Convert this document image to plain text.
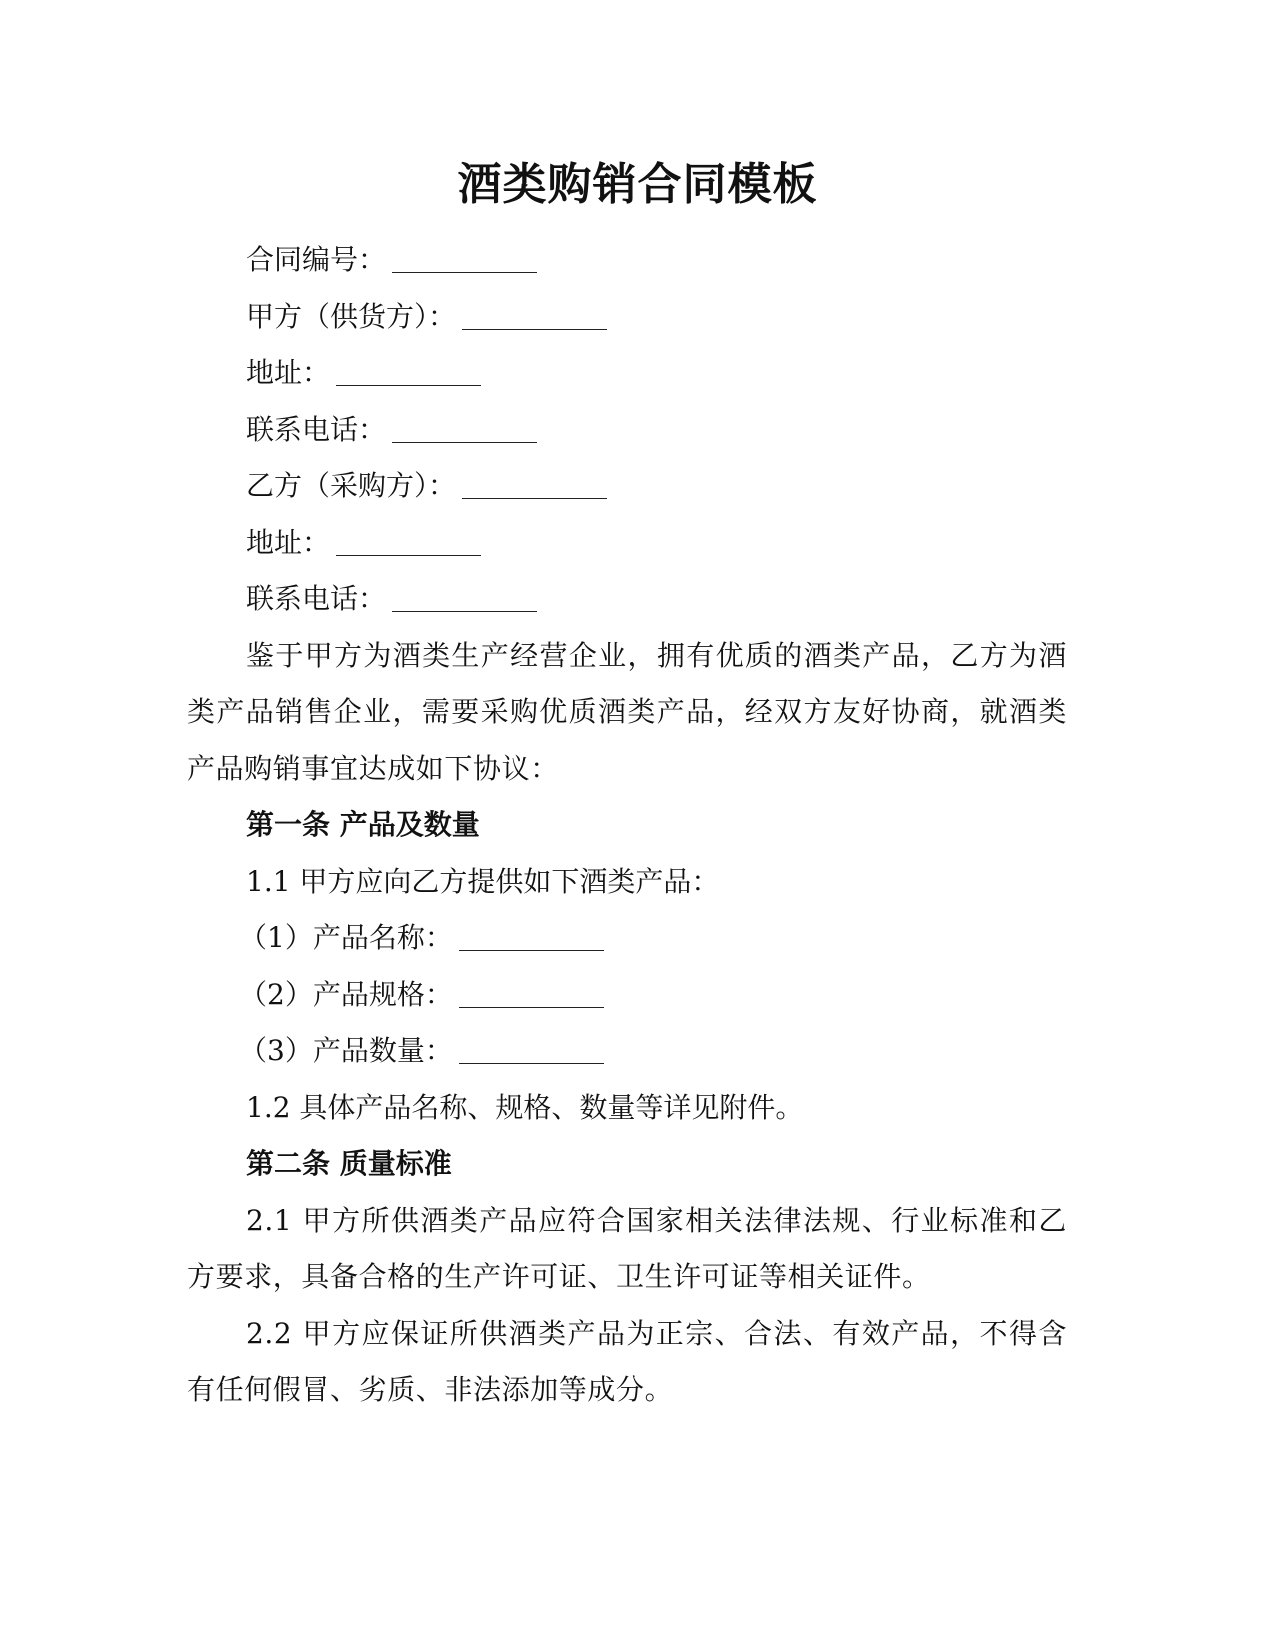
酒类购销合同模板

合同编号：

甲方（供货方）：

地址：

联系电话：

乙方（采购方）：

地址：

联系电话：

鉴于甲方为酒类生产经营企业，拥有优质的酒类产品，乙方为酒类产品销售企业，需要采购优质酒类产品，经双方友好协商，就酒类产品购销事宜达成如下协议：

第一条 产品及数量

1.1 甲方应向乙方提供如下酒类产品：

（1）产品名称：

（2）产品规格：

（3）产品数量：

1.2 具体产品名称、规格、数量等详见附件。

第二条 质量标准

2.1 甲方所供酒类产品应符合国家相关法律法规、行业标准和乙方要求，具备合格的生产许可证、卫生许可证等相关证件。

2.2 甲方应保证所供酒类产品为正宗、合法、有效产品，不得含有任何假冒、劣质、非法添加等成分。
